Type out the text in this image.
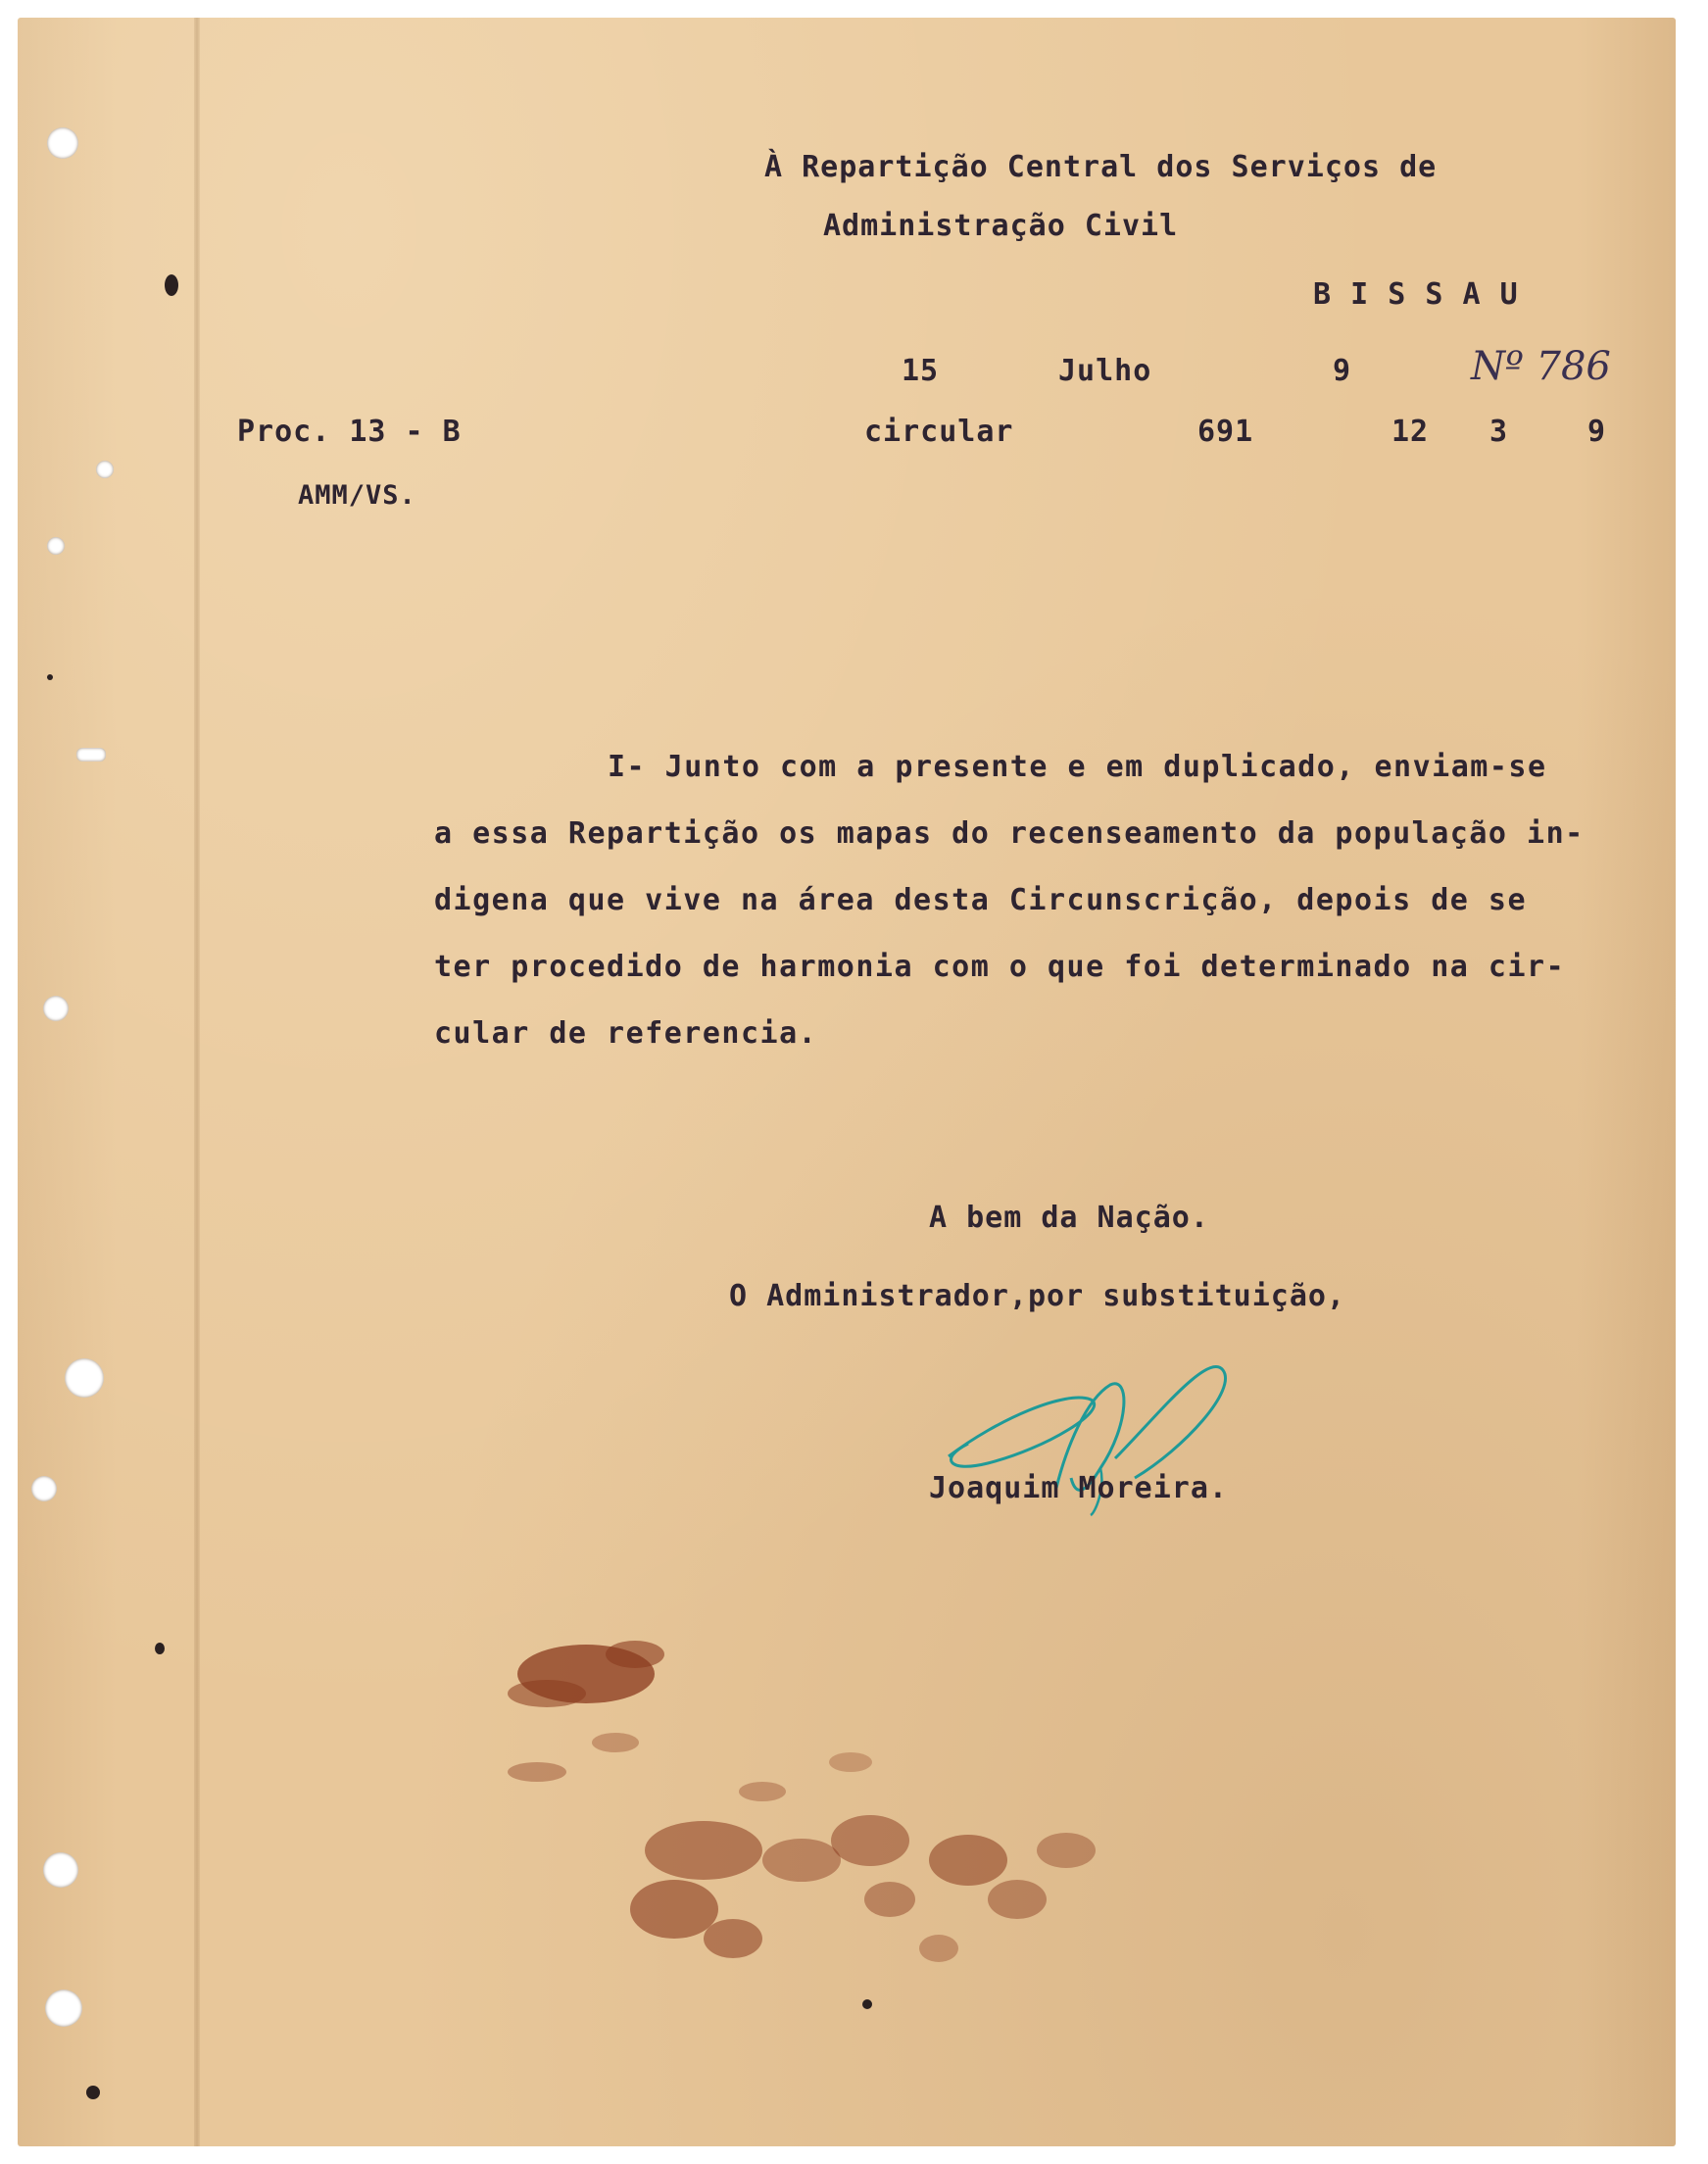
À Repartição Central dos Serviços de
Administração Civil
B I S S A U
Nº 786
15	Julho	9
Proc. 13 - B	circular	691	12 3	9
AMM/VS.
I- Junto com a presente e em duplicado, enviam-se
a essa Repartição os mapas do recenseamento da população in-
digena que vive na área desta Circunscrição, depois de se
ter procedido de harmonia com o que foi determinado na cir-
cular de referencia.
A bem da Nação.
O Administrador,por substituição,
Joaquim Moreira.
